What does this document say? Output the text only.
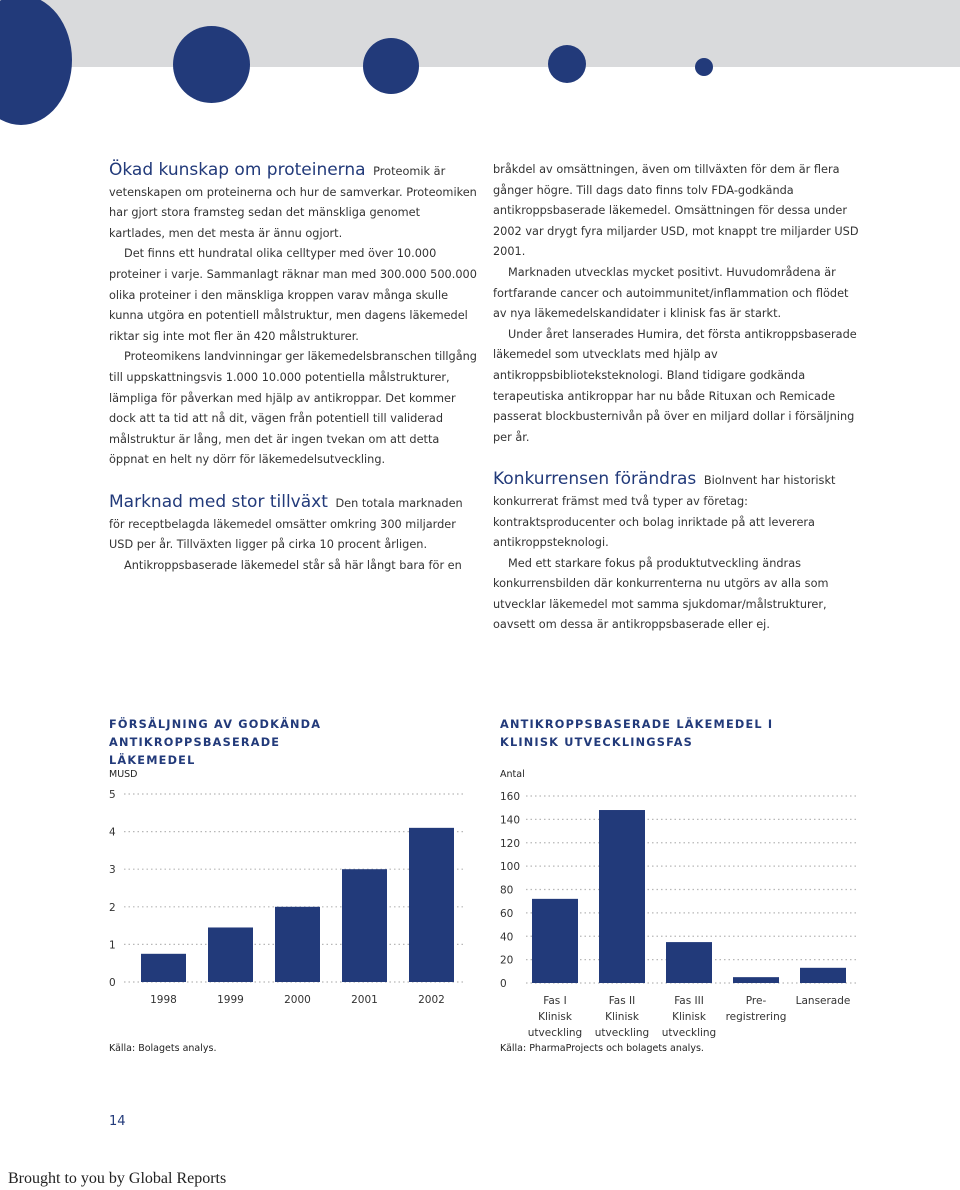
Ökad kunskap om proteinerna Proteomik är vetenskapen om proteinerna och hur de samverkar. Proteomiken har gjort stora framsteg sedan det mänskliga genomet kartlades, men det mesta är ännu ogjort.

Det finns ett hundratal olika celltyper med över 10.000 proteiner i varje. Sammanlagt räknar man med 300.000 500.000 olika proteiner i den mänskliga kroppen varav många skulle kunna utgöra en potentiell målstruktur, men dagens läkemedel riktar sig inte mot fler än 420 målstrukturer.

Proteomikens landvinningar ger läkemedelsbranschen tillgång till uppskattningsvis 1.000 10.000 potentiella målstrukturer, lämpliga för påverkan med hjälp av antikroppar. Det kommer dock att ta tid att nå dit, vägen från potentiell till validerad målstruktur är lång, men det är ingen tvekan om att detta öppnat en helt ny dörr för läkemedelsutveckling.

Marknad med stor tillväxt Den totala marknaden för receptbelagda läkemedel omsätter omkring 300 miljarder USD per år. Tillväxten ligger på cirka 10 procent årligen.

Antikroppsbaserade läkemedel står så här långt bara för en

bråkdel av omsättningen, även om tillväxten för dem är flera gånger högre. Till dags dato finns tolv FDA-godkända antikroppsbaserade läkemedel. Omsättningen för dessa under 2002 var drygt fyra miljarder USD, mot knappt tre miljarder USD 2001.

Marknaden utvecklas mycket positivt. Huvudområdena är fortfarande cancer och autoimmunitet/inflammation och flödet av nya läkemedelskandidater i klinisk fas är starkt.

Under året lanserades Humira, det första antikroppsbaserade läkemedel som utvecklats med hjälp av antikroppsbiblioteksteknologi. Bland tidigare godkända terapeutiska antikroppar har nu både Rituxan och Remicade passerat blockbusternivån på över en miljard dollar i försäljning per år.

Konkurrensen förändras BioInvent har historiskt konkurrerat främst med två typer av företag: kontraktsproducenter och bolag inriktade på att leverera antikroppsteknologi.

Med ett starkare fokus på produktutveckling ändras konkurrensbilden där konkurrenterna nu utgörs av alla som utvecklar läkemedel mot samma sjukdomar/målstrukturer, oavsett om dessa är antikroppsbaserade eller ej.

FÖRSÄLJNING AV GODKÄNDA ANTIKROPPSBASERADE LÄKEMEDEL

MUSD
0
1
2
3
4
5
1998	1999	2000	2001	2002
Källa: Bolagets analys.

ANTIKROPPSBASERADE LÄKEMEDEL I KLINISK UTVECKLINGSFAS

Antal
0
20
40
60
80
100
120
140
160
Fas I
Klinisk
utveckling
Fas II
Klinisk
utveckling
Fas III
Klinisk
utveckling
Pre-
registrering
Lanserade
Källa: PharmaProjects och bolagets analys.
14
Brought to you by Global Reports
